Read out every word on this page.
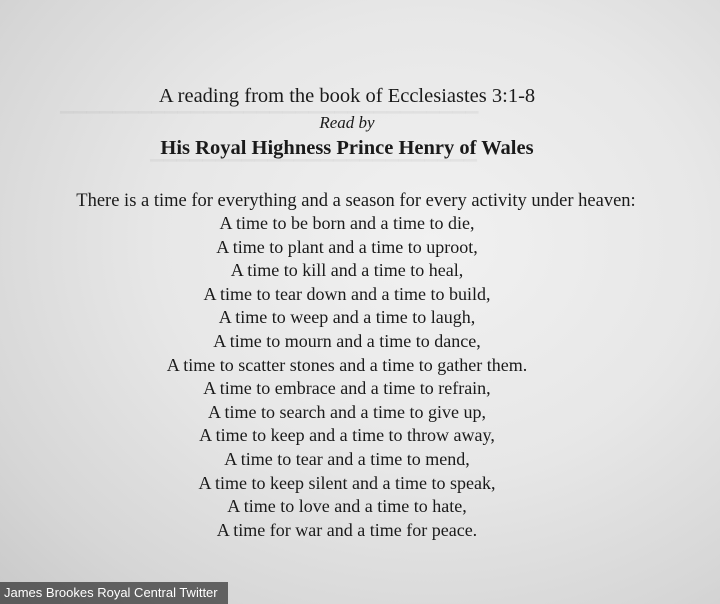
A reading from the book of Ecclesiastes 3:1-8
Read by
His Royal Highness Prince Henry of Wales
There is a time for everything and a season for every activity under heaven:
A time to be born and a time to die,
A time to plant and a time to uproot,
A time to kill and a time to heal,
A time to tear down and a time to build,
A time to weep and a time to laugh,
A time to mourn and a time to dance,
A time to scatter stones and a time to gather them.
A time to embrace and a time to refrain,
A time to search and a time to give up,
A time to keep and a time to throw away,
A time to tear and a time to mend,
A time to keep silent and a time to speak,
A time to love and a time to hate,
A time for war and a time for peace.
James Brookes Royal Central Twitter
